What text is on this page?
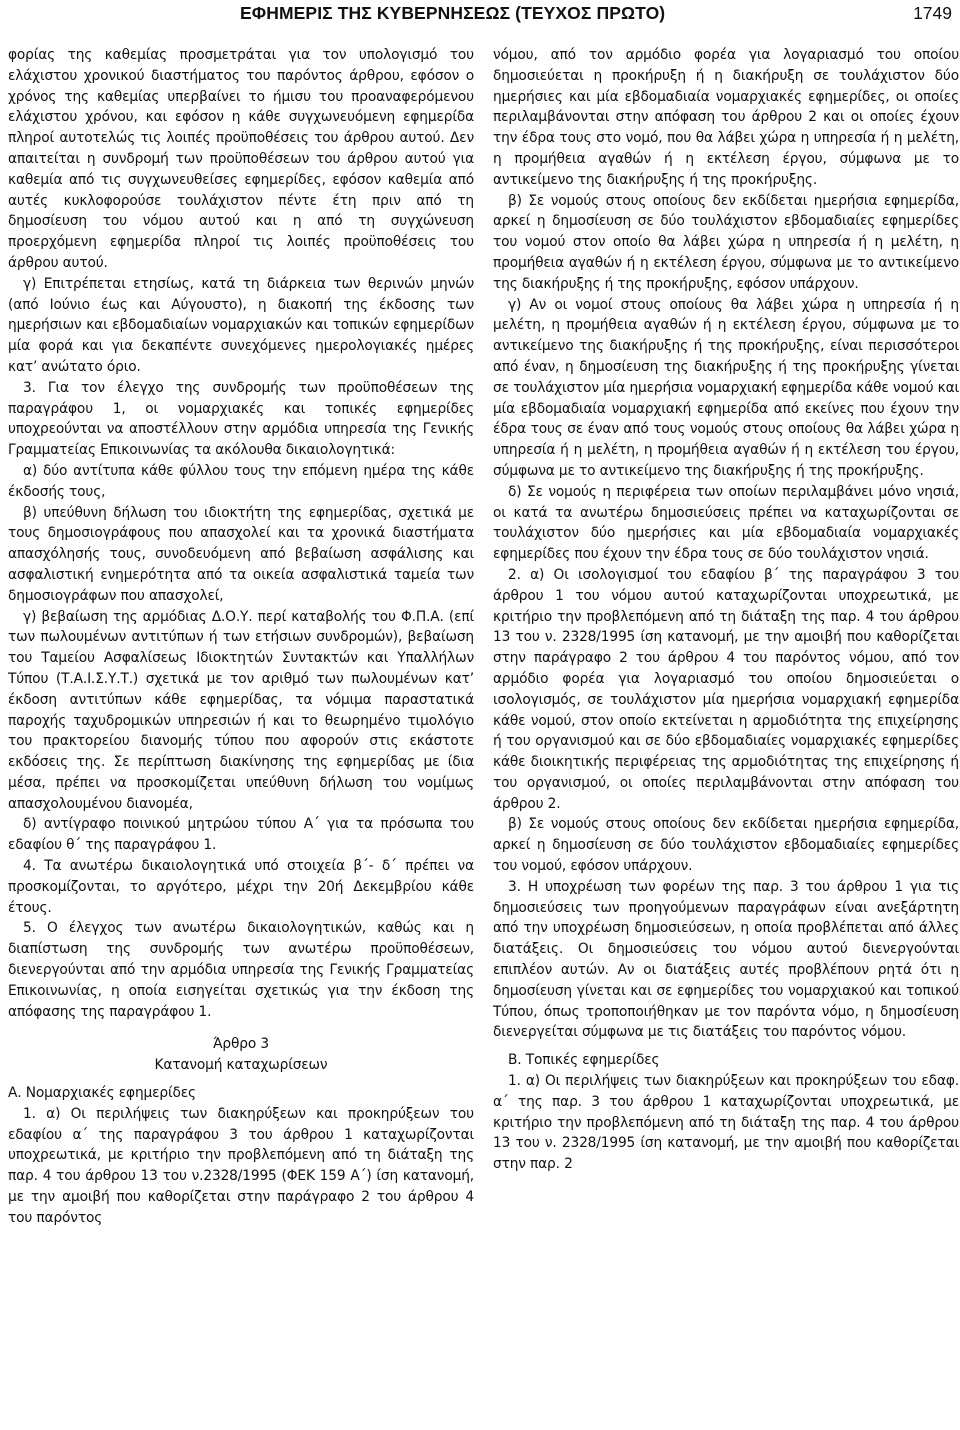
ΕΦΗΜΕΡΙΣ ΤΗΣ ΚΥΒΕΡΝΗΣΕΩΣ (ΤΕΥΧΟΣ ΠΡΩΤΟ)	1749

φορίας της καθεμίας προσμετράται για τον υπολογισμό του ελάχιστου χρονικού διαστήματος του παρόντος άρθρου, εφόσον ο χρόνος της καθεμίας υπερβαίνει το ήμισυ του προαναφερόμενου ελάχιστου χρόνου, και εφόσον η κάθε συγχωνευόμενη εφημερίδα πληροί αυτοτελώς τις λοιπές προϋποθέσεις του άρθρου αυτού. Δεν απαιτείται η συνδρομή των προϋποθέσεων του άρθρου αυτού για καθεμία από τις συγχωνευθείσες εφημερίδες, εφόσον καθεμία από αυτές κυκλοφορούσε τουλάχιστον πέντε έτη πριν από τη δημοσίευση του νόμου αυτού και η από τη συγχώνευση προερχόμενη εφημερίδα πληροί τις λοιπές προϋποθέσεις του άρθρου αυτού.

γ) Επιτρέπεται ετησίως, κατά τη διάρκεια των θερινών μηνών (από Ιούνιο έως και Αύγουστο), η διακοπή της έκδοσης των ημερήσιων και εβδομαδιαίων νομαρχιακών και τοπικών εφημερίδων μία φορά και για δεκαπέντε συνεχόμενες ημερολογιακές ημέρες κατ’ ανώτατο όριο.

3. Για τον έλεγχο της συνδρομής των προϋποθέσεων της παραγράφου 1, οι νομαρχιακές και τοπικές εφημερίδες υποχρεούνται να αποστέλλουν στην αρμόδια υπηρεσία της Γενικής Γραμματείας Επικοινωνίας τα ακόλουθα δικαιολογητικά:

α) δύο αντίτυπα κάθε φύλλου τους την επόμενη ημέρα της κάθε έκδοσής τους,

β) υπεύθυνη δήλωση του ιδιοκτήτη της εφημερίδας, σχετικά με τους δημοσιογράφους που απασχολεί και τα χρονικά διαστήματα απασχόλησής τους, συνοδευόμενη από βεβαίωση ασφάλισης και ασφαλιστική ενημερότητα από τα οικεία ασφαλιστικά ταμεία των δημοσιογράφων που απασχολεί,

γ) βεβαίωση της αρμόδιας Δ.Ο.Υ. περί καταβολής του Φ.Π.Α. (επί των πωλουμένων αντιτύπων ή των ετήσιων συνδρομών), βεβαίωση του Ταμείου Ασφαλίσεως Ιδιοκτητών Συντακτών και Υπαλλήλων Τύπου (Τ.Α.Ι.Σ.Υ.Τ.) σχετικά με τον αριθμό των πωλουμένων κατ’ έκδοση αντιτύπων κάθε εφημερίδας, τα νόμιμα παραστατικά παροχής ταχυδρομικών υπηρεσιών ή και το θεωρημένο τιμολόγιο του πρακτορείου διανομής τύπου που αφορούν στις εκάστοτε εκδόσεις της. Σε περίπτωση διακίνησης της εφημερίδας με ίδια μέσα, πρέπει να προσκομίζεται υπεύθυνη δήλωση του νομίμως απασχολουμένου διανομέα,

δ) αντίγραφο ποινικού μητρώου τύπου Α΄ για τα πρόσωπα του εδαφίου θ΄ της παραγράφου 1.

4. Τα ανωτέρω δικαιολογητικά υπό στοιχεία β΄- δ΄ πρέπει να προσκομίζονται, το αργότερο, μέχρι την 20ή Δεκεμβρίου κάθε έτους.

5. Ο έλεγχος των ανωτέρω δικαιολογητικών, καθώς και η διαπίστωση της συνδρομής των ανωτέρω προϋποθέσεων, διενεργούνται από την αρμόδια υπηρεσία της Γενικής Γραμματείας Επικοινωνίας, η οποία εισηγείται σχετικώς για την έκδοση της απόφασης της παραγράφου 1.

Άρθρο 3

Κατανομή καταχωρίσεων

Α. Νομαρχιακές εφημερίδες

1. α) Οι περιλήψεις των διακηρύξεων και προκηρύξεων του εδαφίου α΄ της παραγράφου 3 του άρθρου 1 καταχωρίζονται υποχρεωτικά, με κριτήριο την προβλεπόμενη από τη διάταξη της παρ. 4 του άρθρου 13 του ν.2328/1995 (ΦΕΚ 159 Α΄) ίση κατανομή, με την αμοιβή που καθορίζεται στην παράγραφο 2 του άρθρου 4 του παρόντος

νόμου, από τον αρμόδιο φορέα για λογαριασμό του οποίου δημοσιεύεται η προκήρυξη ή η διακήρυξη σε τουλάχιστον δύο ημερήσιες και μία εβδομαδιαία νομαρχιακές εφημερίδες, οι οποίες περιλαμβάνονται στην απόφαση του άρθρου 2 και οι οποίες έχουν την έδρα τους στο νομό, που θα λάβει χώρα η υπηρεσία ή η μελέτη, η προμήθεια αγαθών ή η εκτέλεση έργου, σύμφωνα με το αντικείμενο της διακήρυξης ή της προκήρυξης.

β) Σε νομούς στους οποίους δεν εκδίδεται ημερήσια εφημερίδα, αρκεί η δημοσίευση σε δύο τουλάχιστον εβδομαδιαίες εφημερίδες του νομού στον οποίο θα λάβει χώρα η υπηρεσία ή η μελέτη, η προμήθεια αγαθών ή η εκτέλεση έργου, σύμφωνα με το αντικείμενο της διακήρυξης ή της προκήρυξης, εφόσον υπάρχουν.

γ) Αν οι νομοί στους οποίους θα λάβει χώρα η υπηρεσία ή η μελέτη, η προμήθεια αγαθών ή η εκτέλεση έργου, σύμφωνα με το αντικείμενο της διακήρυξης ή της προκήρυξης, είναι περισσότεροι από έναν, η δημοσίευση της διακήρυξης ή της προκήρυξης γίνεται σε τουλάχιστον μία ημερήσια νομαρχιακή εφημερίδα κάθε νομού και μία εβδομαδιαία νομαρχιακή εφημερίδα από εκείνες που έχουν την έδρα τους σε έναν από τους νομούς στους οποίους θα λάβει χώρα η υπηρεσία ή η μελέτη, η προμήθεια αγαθών ή η εκτέλεση του έργου, σύμφωνα με το αντικείμενο της διακήρυξης ή της προκήρυξης.

δ) Σε νομούς η περιφέρεια των οποίων περιλαμβάνει μόνο νησιά, οι κατά τα ανωτέρω δημοσιεύσεις πρέπει να καταχωρίζονται σε τουλάχιστον δύο ημερήσιες και μία εβδομαδιαία νομαρχιακές εφημερίδες που έχουν την έδρα τους σε δύο τουλάχιστον νησιά.

2. α) Οι ισολογισμοί του εδαφίου β΄ της παραγράφου 3 του άρθρου 1 του νόμου αυτού καταχωρίζονται υποχρεωτικά, με κριτήριο την προβλεπόμενη από τη διάταξη της παρ. 4 του άρθρου 13 του ν. 2328/1995 ίση κατανομή, με την αμοιβή που καθορίζεται στην παράγραφο 2 του άρθρου 4 του παρόντος νόμου, από τον αρμόδιο φορέα για λογαριασμό του οποίου δημοσιεύεται ο ισολογισμός, σε τουλάχιστον μία ημερήσια νομαρχιακή εφημερίδα κάθε νομού, στον οποίο εκτείνεται η αρμοδιότητα της επιχείρησης ή του οργανισμού και σε δύο εβδομαδιαίες νομαρχιακές εφημερίδες κάθε διοικητικής περιφέρειας της αρμοδιότητας της επιχείρησης ή του οργανισμού, οι οποίες περιλαμβάνονται στην απόφαση του άρθρου 2.

β) Σε νομούς στους οποίους δεν εκδίδεται ημερήσια εφημερίδα, αρκεί η δημοσίευση σε δύο τουλάχιστον εβδομαδιαίες εφημερίδες του νομού, εφόσον υπάρχουν.

3. Η υποχρέωση των φορέων της παρ. 3 του άρθρου 1 για τις δημοσιεύσεις των προηγούμενων παραγράφων είναι ανεξάρτητη από την υποχρέωση δημοσιεύσεων, η οποία προβλέπεται από άλλες διατάξεις. Οι δημοσιεύσεις του νόμου αυτού διενεργούνται επιπλέον αυτών. Αν οι διατάξεις αυτές προβλέπουν ρητά ότι η δημοσίευση γίνεται και σε εφημερίδες του νομαρχιακού και τοπικού Τύπου, όπως τροποποιήθηκαν με τον παρόντα νόμο, η δημοσίευση διενεργείται σύμφωνα με τις διατάξεις του παρόντος νόμου.

Β. Τοπικές εφημερίδες

1. α) Οι περιλήψεις των διακηρύξεων και προκηρύξεων του εδαφ. α΄ της παρ. 3 του άρθρου 1 καταχωρίζονται υποχρεωτικά, με κριτήριο την προβλεπόμενη από τη διάταξη της παρ. 4 του άρθρου 13 του ν. 2328/1995 ίση κατανομή, με την αμοιβή που καθορίζεται στην παρ. 2
